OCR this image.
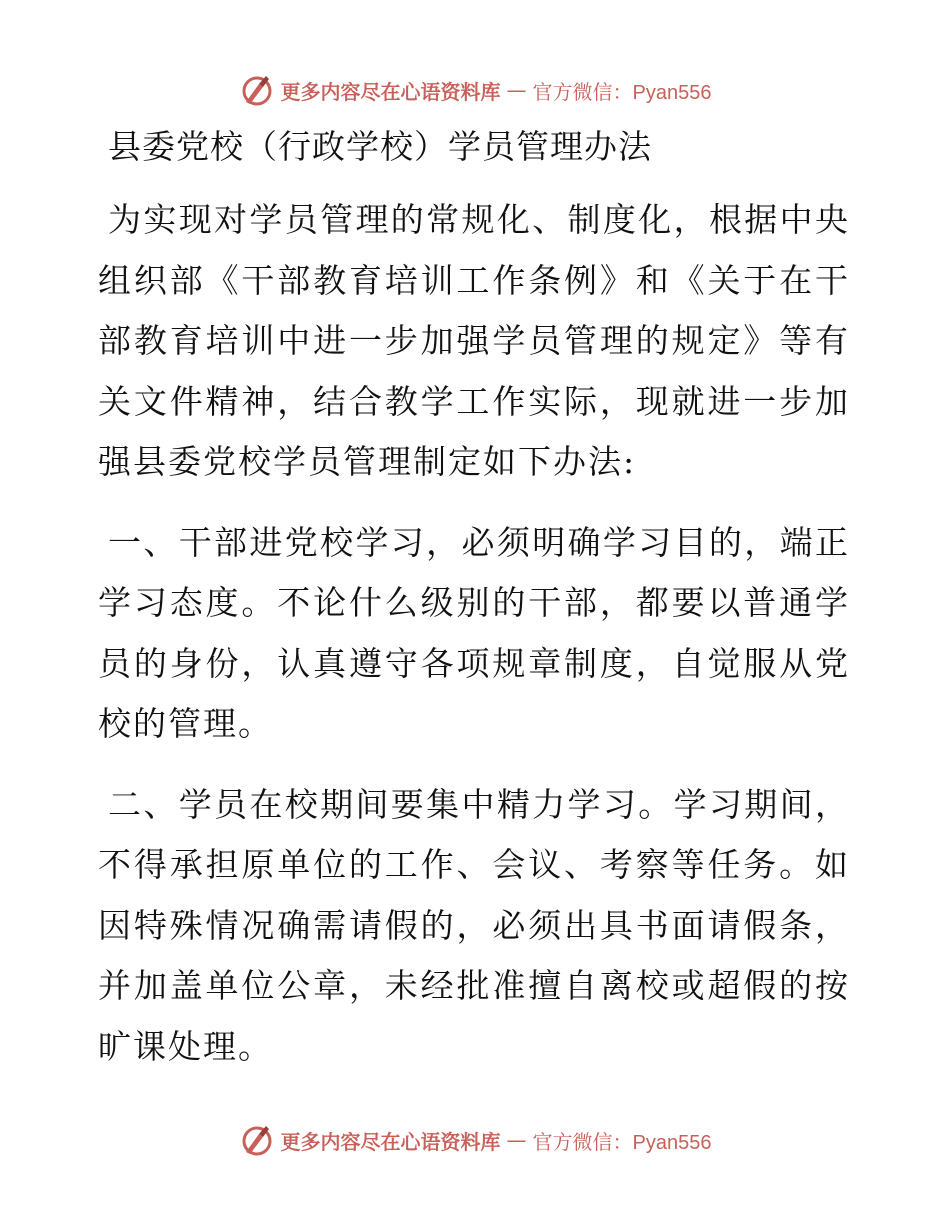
更多内容尽在心语资料库 — 官方微信：Pyan556
县委党校（行政学校）学员管理办法

为实现对学员管理的常规化、制度化，根据中央组织部《干部教育培训工作条例》和《关于在干部教育培训中进一步加强学员管理的规定》等有关文件精神，结合教学工作实际，现就进一步加强县委党校学员管理制定如下办法:

一、干部进党校学习，必须明确学习目的，端正学习态度。不论什么级别的干部，都要以普通学员的身份，认真遵守各项规章制度，自觉服从党校的管理。

二、学员在校期间要集中精力学习。学习期间，不得承担原单位的工作、会议、考察等任务。如因特殊情况确需请假的，必须出具书面请假条，并加盖单位公章，未经批准擅自离校或超假的按旷课处理。

更多内容尽在心语资料库 — 官方微信：Pyan556
